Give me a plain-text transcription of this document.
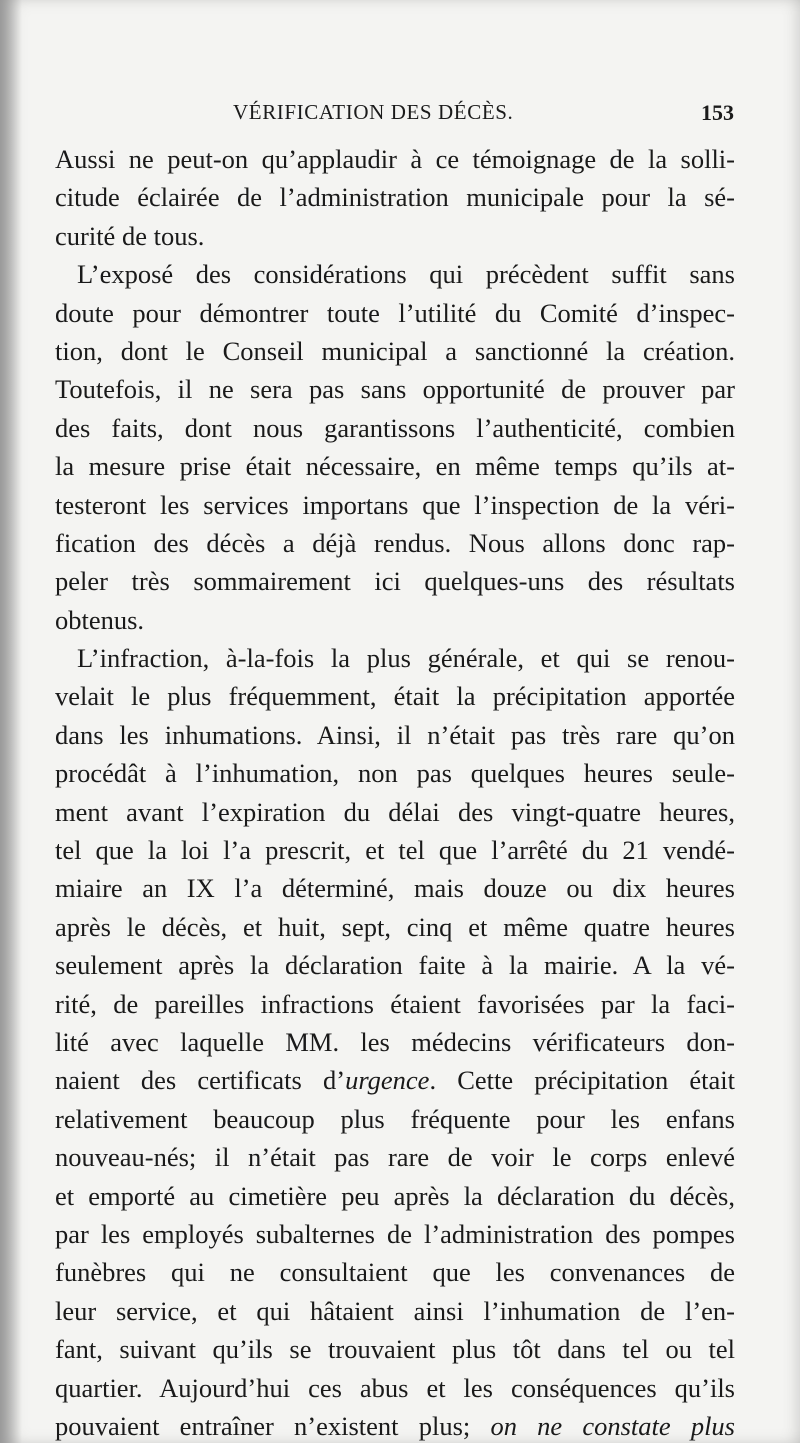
VÉRIFICATION DES DÉCÈS.	153
Aussi ne peut-on qu’applaudir à ce témoignage de la solli-
citude éclairée de l’administration municipale pour la sé-
curité de tous.
L’exposé des considérations qui précèdent suffit sans
doute pour démontrer toute l’utilité du Comité d’inspec-
tion, dont le Conseil municipal a sanctionné la création.
Toutefois, il ne sera pas sans opportunité de prouver par
des faits, dont nous garantissons l’authenticité, combien
la mesure prise était nécessaire, en même temps qu’ils at-
testeront les services importans que l’inspection de la véri-
fication des décès a déjà rendus. Nous allons donc rap-
peler très sommairement ici quelques-uns des résultats
obtenus.
L’infraction, à-la-fois la plus générale, et qui se renou-
velait le plus fréquemment, était la précipitation apportée
dans les inhumations. Ainsi, il n’était pas très rare qu’on
procédât à l’inhumation, non pas quelques heures seule-
ment avant l’expiration du délai des vingt-quatre heures,
tel que la loi l’a prescrit, et tel que l’arrêté du 21 vendé-
miaire an IX l’a déterminé, mais douze ou dix heures
après le décès, et huit, sept, cinq et même quatre heures
seulement après la déclaration faite à la mairie. A la vé-
rité, de pareilles infractions étaient favorisées par la faci-
lité avec laquelle MM. les médecins vérificateurs don-
naient des certificats d’urgence. Cette précipitation était
relativement beaucoup plus fréquente pour les enfans
nouveau-nés; il n’était pas rare de voir le corps enlevé
et emporté au cimetière peu après la déclaration du décès,
par les employés subalternes de l’administration des pompes
funèbres qui ne consultaient que les convenances de
leur service, et qui hâtaient ainsi l’inhumation de l’en-
fant, suivant qu’ils se trouvaient plus tôt dans tel ou tel
quartier. Aujourd’hui ces abus et les conséquences qu’ils
pouvaient entraîner n’existent plus; on ne constate plus
